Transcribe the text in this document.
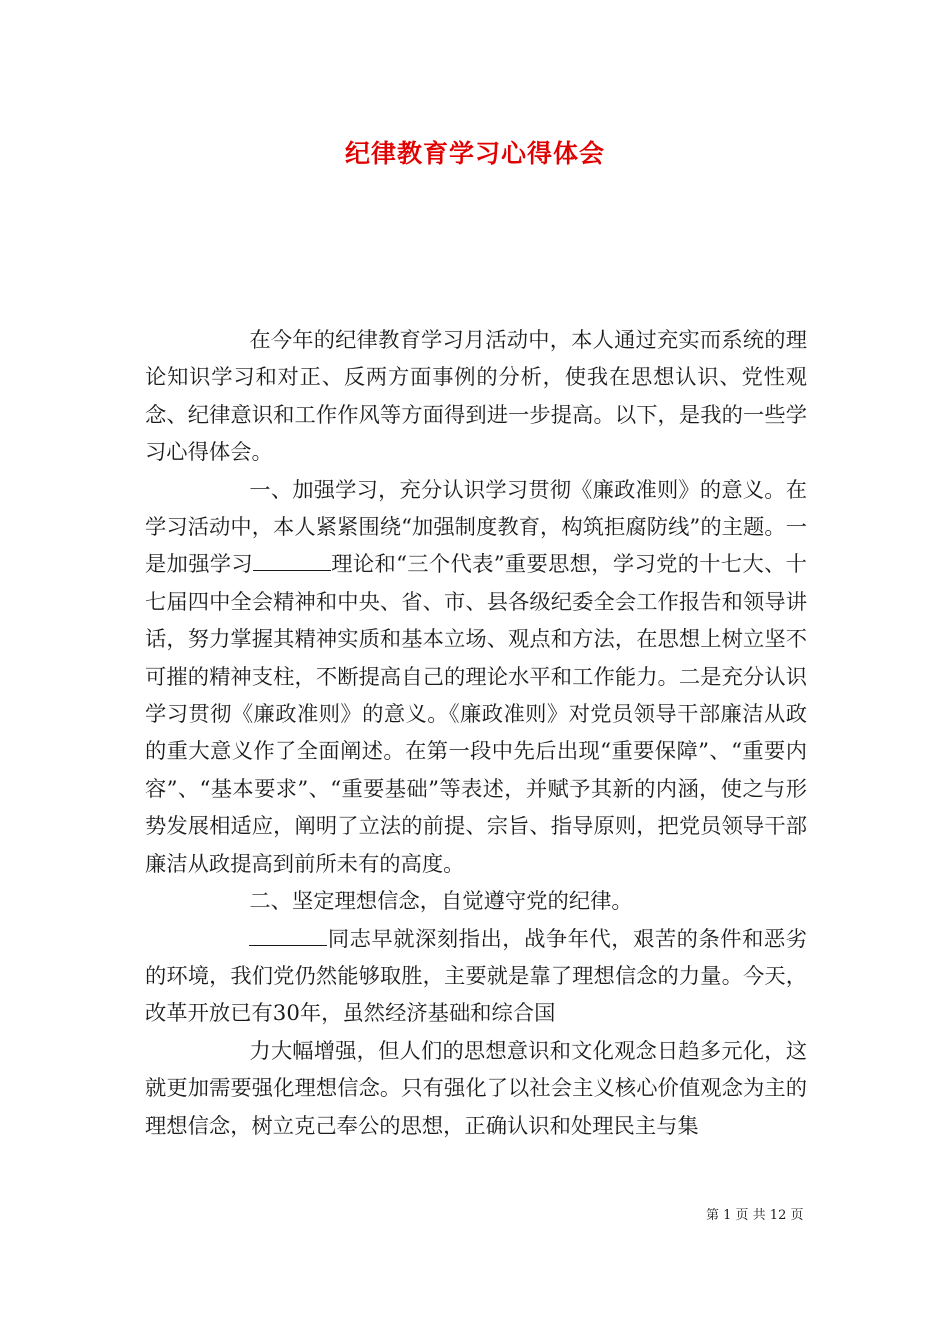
纪律教育学习心得体会

在今年的纪律教育学习月活动中，本人通过充实而系统的理论知识学习和对正、反两方面事例的分析，使我在思想认识、党性观念、纪律意识和工作作风等方面得到进一步提高。以下，是我的一些学习心得体会。

一、加强学习，充分认识学习贯彻《廉政准则》的意义。在学习活动中，本人紧紧围绕“加强制度教育，构筑拒腐防线”的主题。一是加强学习	理论和“三个代表”重要思想，学习党的十七大、十七届四中全会精神和中央、省、市、县各级纪委全会工作报告和领导讲话，努力掌握其精神实质和基本立场、观点和方法，在思想上树立坚不可摧的精神支柱，不断提高自己的理论水平和工作能力。二是充分认识学习贯彻《廉政准则》的意义。《廉政准则》对党员领导干部廉洁从政的重大意义作了全面阐述。在第一段中先后出现“重要保障”、“重要内容”、“基本要求”、“重要基础”等表述，并赋予其新的内涵，使之与形势发展相适应，阐明了立法的前提、宗旨、指导原则，把党员领导干部廉洁从政提高到前所未有的高度。

二、坚定理想信念，自觉遵守党的纪律。

同志早就深刻指出，战争年代，艰苦的条件和恶劣的环境，我们党仍然能够取胜，主要就是靠了理想信念的力量。今天，改革开放已有30年，虽然经济基础和综合国

力大幅增强，但人们的思想意识和文化观念日趋多元化，这就更加需要强化理想信念。只有强化了以社会主义核心价值观念为主的理想信念，树立克己奉公的思想，正确认识和处理民主与集

第 1 页 共 12 页
